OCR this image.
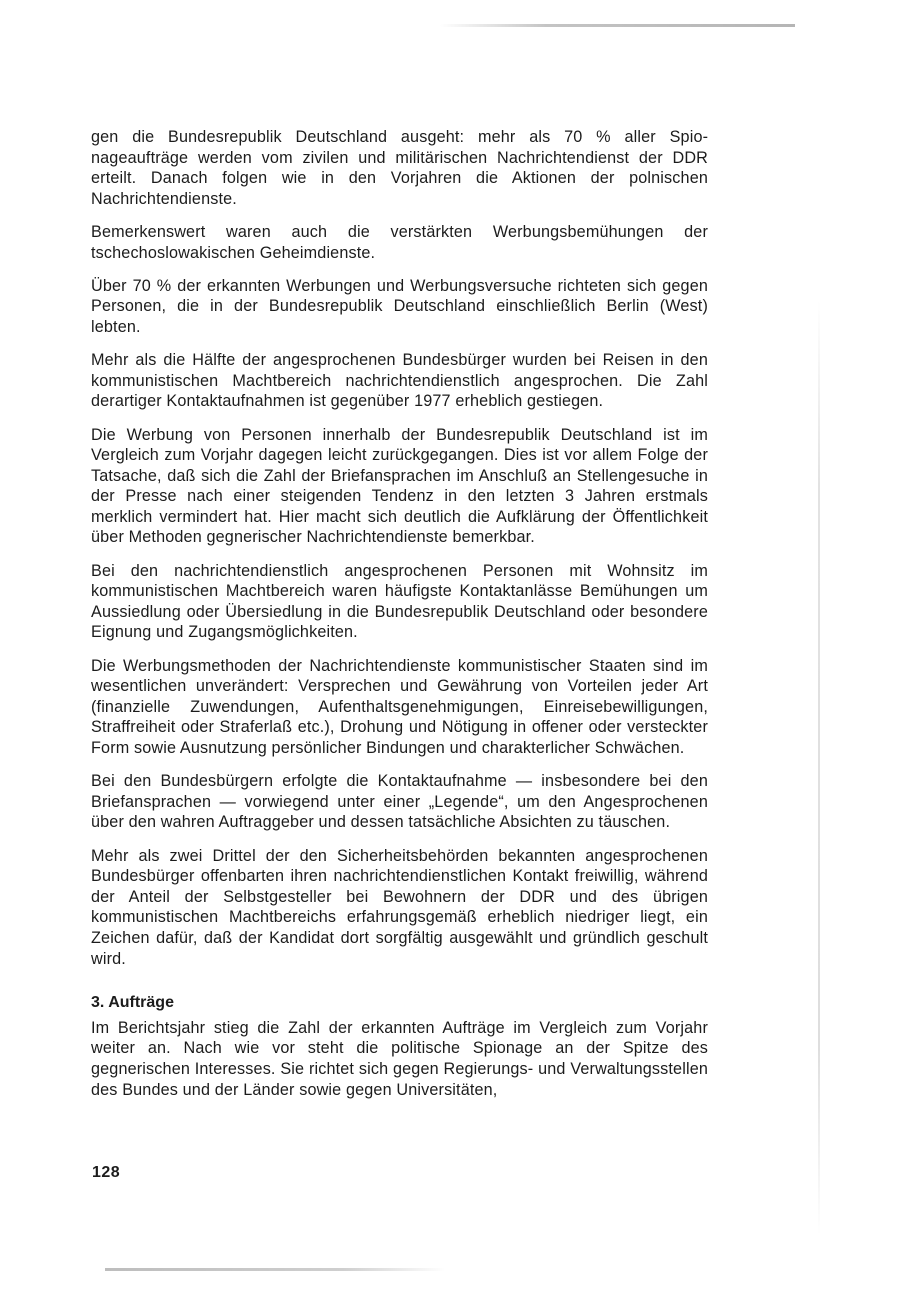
gen die Bundesrepublik Deutschland ausgeht: mehr als 70 % aller Spionageaufträge werden vom zivilen und militärischen Nachrichtendienst der DDR erteilt. Danach folgen wie in den Vorjahren die Aktionen der polnischen Nachrichtendienste.

Bemerkenswert waren auch die verstärkten Werbungsbemühungen der tschechoslowakischen Geheimdienste.

Über 70 % der erkannten Werbungen und Werbungsversuche richteten sich gegen Personen, die in der Bundesrepublik Deutschland einschließlich Berlin (West) lebten.

Mehr als die Hälfte der angesprochenen Bundesbürger wurden bei Reisen in den kommunistischen Machtbereich nachrichtendienstlich angesprochen. Die Zahl derartiger Kontaktaufnahmen ist gegenüber 1977 erheblich gestiegen.

Die Werbung von Personen innerhalb der Bundesrepublik Deutschland ist im Vergleich zum Vorjahr dagegen leicht zurückgegangen. Dies ist vor allem Folge der Tatsache, daß sich die Zahl der Briefansprachen im Anschluß an Stellengesuche in der Presse nach einer steigenden Tendenz in den letzten 3 Jahren erstmals merklich vermindert hat. Hier macht sich deutlich die Aufklärung der Öffentlichkeit über Methoden gegnerischer Nachrichtendienste bemerkbar.

Bei den nachrichtendienstlich angesprochenen Personen mit Wohnsitz im kommunistischen Machtbereich waren häufigste Kontaktanlässe Bemühungen um Aussiedlung oder Übersiedlung in die Bundesrepublik Deutschland oder besondere Eignung und Zugangsmöglichkeiten.

Die Werbungsmethoden der Nachrichtendienste kommunistischer Staaten sind im wesentlichen unverändert: Versprechen und Gewährung von Vorteilen jeder Art (finanzielle Zuwendungen, Aufenthaltsgenehmigungen, Einreisebewilligungen, Straffreiheit oder Straferlaß etc.), Drohung und Nötigung in offener oder versteckter Form sowie Ausnutzung persönlicher Bindungen und charakterlicher Schwächen.

Bei den Bundesbürgern erfolgte die Kontaktaufnahme — insbesondere bei den Briefansprachen — vorwiegend unter einer „Legende“, um den Angesprochenen über den wahren Auftraggeber und dessen tatsächliche Absichten zu täuschen.

Mehr als zwei Drittel der den Sicherheitsbehörden bekannten angesprochenen Bundesbürger offenbarten ihren nachrichtendienstlichen Kontakt freiwillig, während der Anteil der Selbstgesteller bei Bewohnern der DDR und des übrigen kommunistischen Machtbereichs erfahrungsgemäß erheblich niedriger liegt, ein Zeichen dafür, daß der Kandidat dort sorgfältig ausgewählt und gründlich geschult wird.

3. Aufträge

Im Berichtsjahr stieg die Zahl der erkannten Aufträge im Vergleich zum Vorjahr weiter an. Nach wie vor steht die politische Spionage an der Spitze des gegnerischen Interesses. Sie richtet sich gegen Regierungs- und Verwaltungsstellen des Bundes und der Länder sowie gegen Universitäten,

128
